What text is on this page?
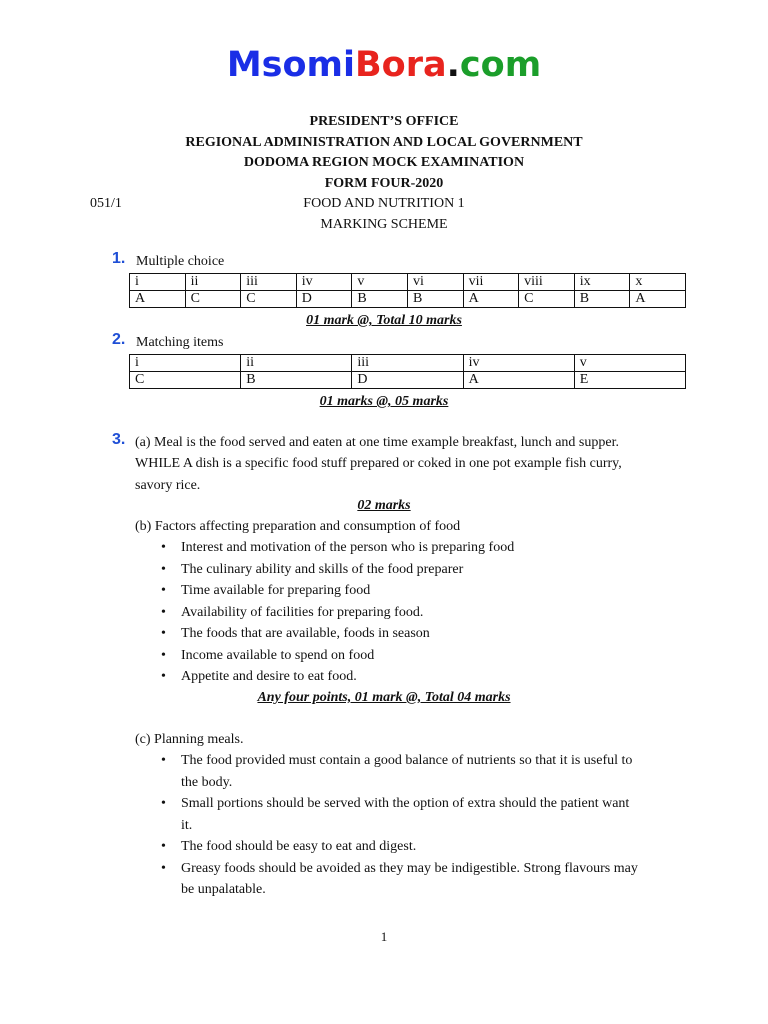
MsomiBora.com
PRESIDENT’S OFFICE
REGIONAL ADMINISTRATION AND LOCAL GOVERNMENT
DODOMA REGION MOCK EXAMINATION
FORM FOUR-2020
051/1	FOOD AND NUTRITION 1
MARKING SCHEME
1. Multiple choice
i	ii	iii	iv	v	vi	vii	viii	ix	x
A	C	C	D	B	B	A	C	B	A
01 mark @, Total 10 marks
2. Matching items
i	ii	iii	iv	v
C	B	D	A	E
01 marks @, 05 marks
3. (a) Meal is the food served and eaten at one time example breakfast, lunch and supper.
WHILE A dish is a specific food stuff prepared or coked in one pot example fish curry,
savory rice.
02 marks
(b) Factors affecting preparation and consumption of food
• Interest and motivation of the person who is preparing food
• The culinary ability and skills of the food preparer
• Time available for preparing food
• Availability of facilities for preparing food.
• The foods that are available, foods in season
• Income available to spend on food
• Appetite and desire to eat food.
Any four points, 01 mark @, Total 04 marks
(c) Planning meals.
• The food provided must contain a good balance of nutrients so that it is useful to
the body.
• Small portions should be served with the option of extra should the patient want
it.
• The food should be easy to eat and digest.
• Greasy foods should be avoided as they may be indigestible. Strong flavours may
be unpalatable.
1
